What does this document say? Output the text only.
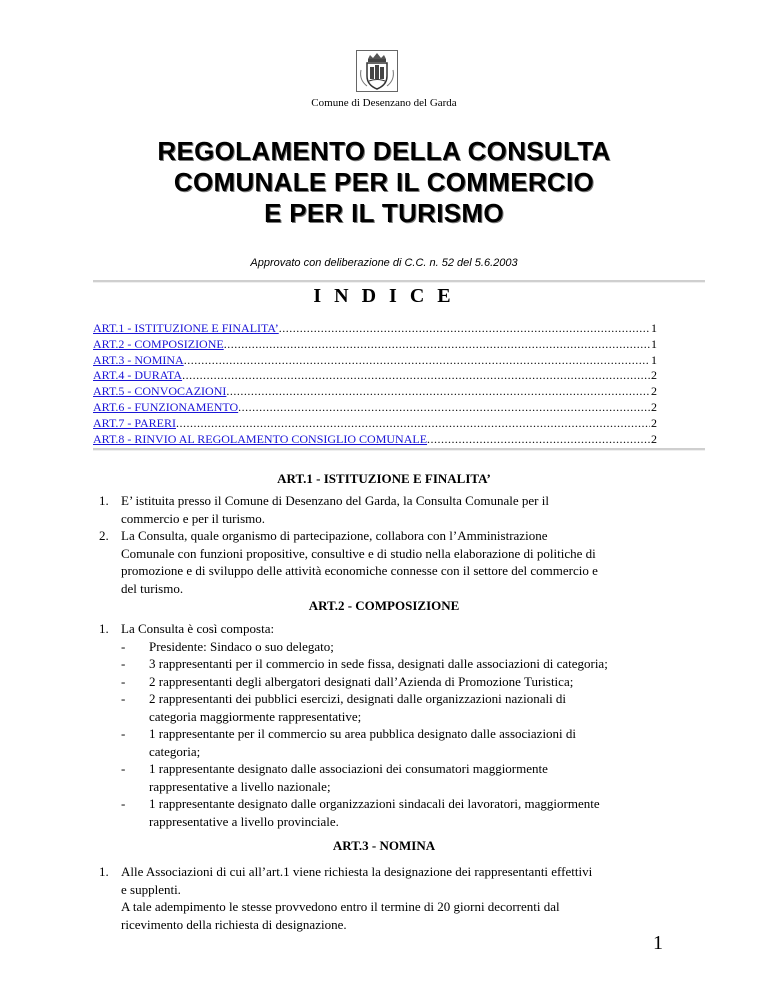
Comune di Desenzano del Garda
REGOLAMENTO DELLA CONSULTA
COMUNALE PER IL COMMERCIO
E PER IL TURISMO
Approvato con deliberazione di C.C. n. 52 del 5.6.2003
I N D I C E
ART.1 - ISTITUZIONE E FINALITA’ .....	1
ART.2 - COMPOSIZIONE .....	1
ART.3 - NOMINA .....	1
ART.4 - DURATA .....	2
ART.5 - CONVOCAZIONI .....	2
ART.6 - FUNZIONAMENTO .....	2
ART.7 - PARERI .....	2
ART.8 - RINVIO AL REGOLAMENTO CONSIGLIO COMUNALE .....	2
ART.1 - ISTITUZIONE E FINALITA’
1. E’ istituita presso il Comune di Desenzano del Garda, la Consulta Comunale per il
commercio e per il turismo.
2. La Consulta, quale organismo di partecipazione, collabora con l’Amministrazione
Comunale con funzioni propositive, consultive e di studio nella elaborazione di politiche di
promozione e di sviluppo delle attività economiche connesse con il settore del commercio e
del turismo.
ART.2 - COMPOSIZIONE
1. La Consulta è così composta:
- Presidente: Sindaco o suo delegato;
- 3 rappresentanti per il commercio in sede fissa, designati dalle associazioni di categoria;
- 2 rappresentanti degli albergatori designati dall’Azienda di Promozione Turistica;
- 2 rappresentanti dei pubblici esercizi, designati dalle organizzazioni nazionali di
categoria maggiormente rappresentative;
- 1 rappresentante per il commercio su area pubblica designato dalle associazioni di
categoria;
- 1 rappresentante designato dalle associazioni dei consumatori maggiormente
rappresentative a livello nazionale;
- 1 rappresentante designato dalle organizzazioni sindacali dei lavoratori, maggiormente
rappresentative a livello provinciale.
ART.3 - NOMINA
1. Alle Associazioni di cui all’art.1 viene richiesta la designazione dei rappresentanti effettivi
e supplenti.
A tale adempimento le stesse provvedono entro il termine di 20 giorni decorrenti dal
ricevimento della richiesta di designazione.
1
